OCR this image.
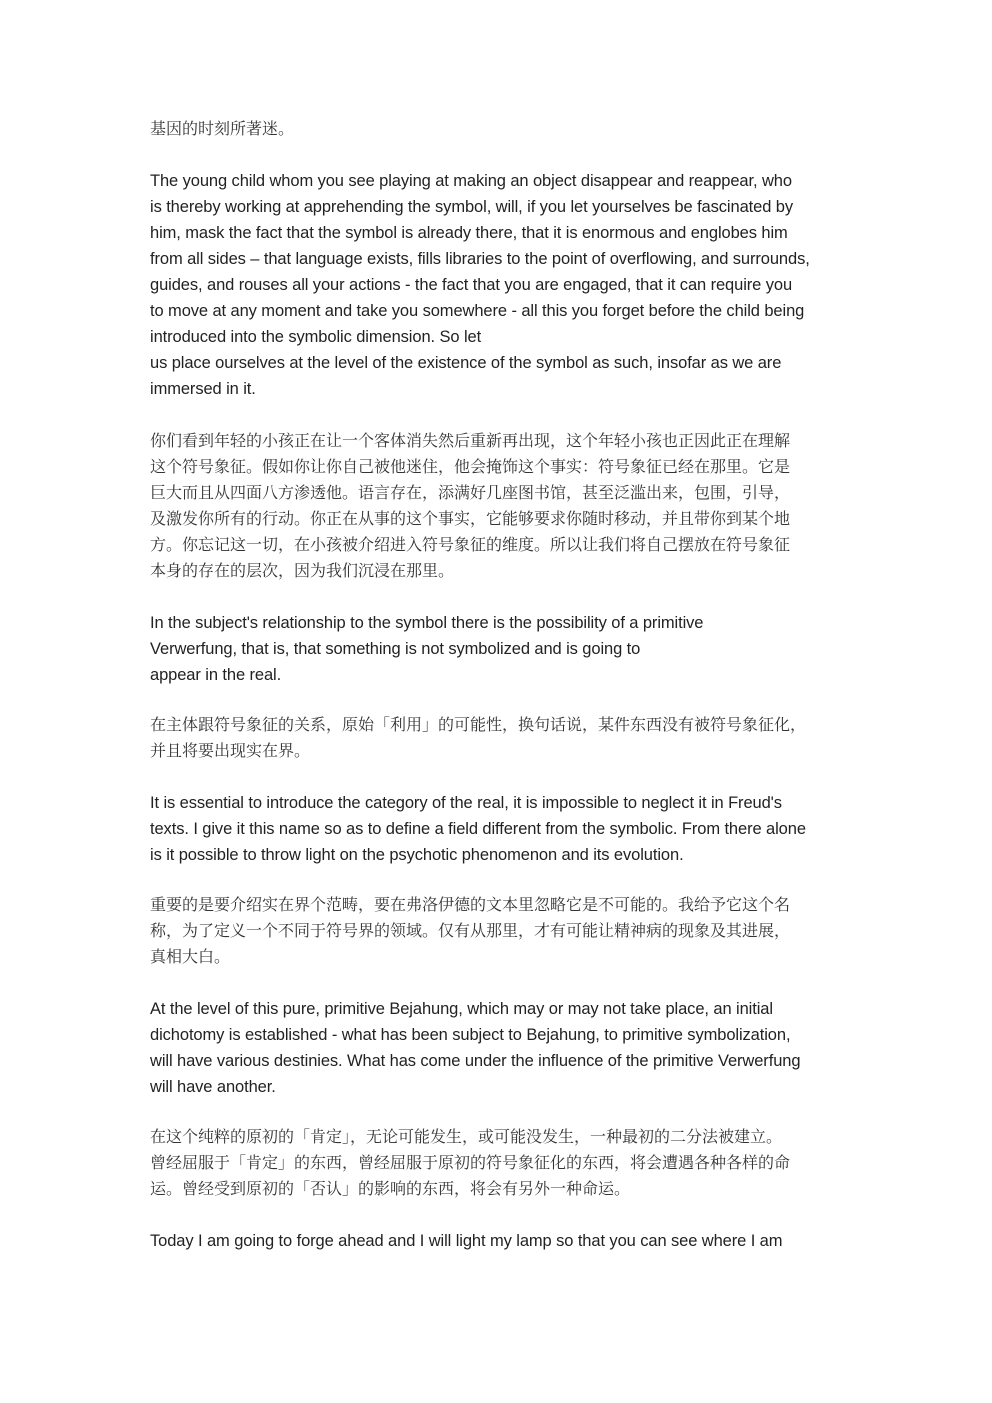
基因的时刻所著迷。
The young child whom you see playing at making an object disappear and reappear, who
is thereby working at apprehending the symbol, will, if you let yourselves be fascinated by
him, mask the fact that the symbol is already there, that it is enormous and englobes him
from all sides – that language exists, fills libraries to the point of overflowing, and surrounds,
guides, and rouses all your actions - the fact that you are engaged, that it can require you
to move at any moment and take you somewhere - all this you forget before the child being
introduced into the symbolic dimension. So let
us place ourselves at the level of the existence of the symbol as such, insofar as we are
immersed in it.
你们看到年轻的小孩正在让一个客体消失然后重新再出现，这个年轻小孩也正因此正在理解
这个符号象征。假如你让你自己被他迷住，他会掩饰这个事实：符号象征已经在那里。它是
巨大而且从四面八方渗透他。语言存在，添满好几座图书馆，甚至泛滥出来，包围，引导，
及激发你所有的行动。你正在从事的这个事实，它能够要求你随时移动，并且带你到某个地
方。你忘记这一切，在小孩被介绍进入符号象征的维度。所以让我们将自己摆放在符号象征
本身的存在的层次，因为我们沉浸在那里。
In the subject's relationship to the symbol there is the possibility of a primitive
Verwerfung, that is, that something is not symbolized and is going to
appear in the real.
在主体跟符号象征的关系，原始「利用」的可能性，换句话说，某件东西没有被符号象征化，
并且将要出现实在界。
It is essential to introduce the category of the real, it is impossible to neglect it in Freud's
texts. I give it this name so as to define a field different from the symbolic. From there alone
is it possible to throw light on the psychotic phenomenon and its evolution.
重要的是要介绍实在界个范畴，要在弗洛伊德的文本里忽略它是不可能的。我给予它这个名
称，为了定义一个不同于符号界的领域。仅有从那里，才有可能让精神病的现象及其进展，
真相大白。
At the level of this pure, primitive Bejahung, which may or may not take place, an initial
dichotomy is established - what has been subject to Bejahung, to primitive symbolization,
will have various destinies. What has come under the influence of the primitive Verwerfung
will have another.
在这个纯粹的原初的「肯定」，无论可能发生，或可能没发生，一种最初的二分法被建立。
曾经屈服于「肯定」的东西，曾经屈服于原初的符号象征化的东西，将会遭遇各种各样的命
运。曾经受到原初的「否认」的影响的东西，将会有另外一种命运。
Today I am going to forge ahead and I will light my lamp so that you can see where I am
